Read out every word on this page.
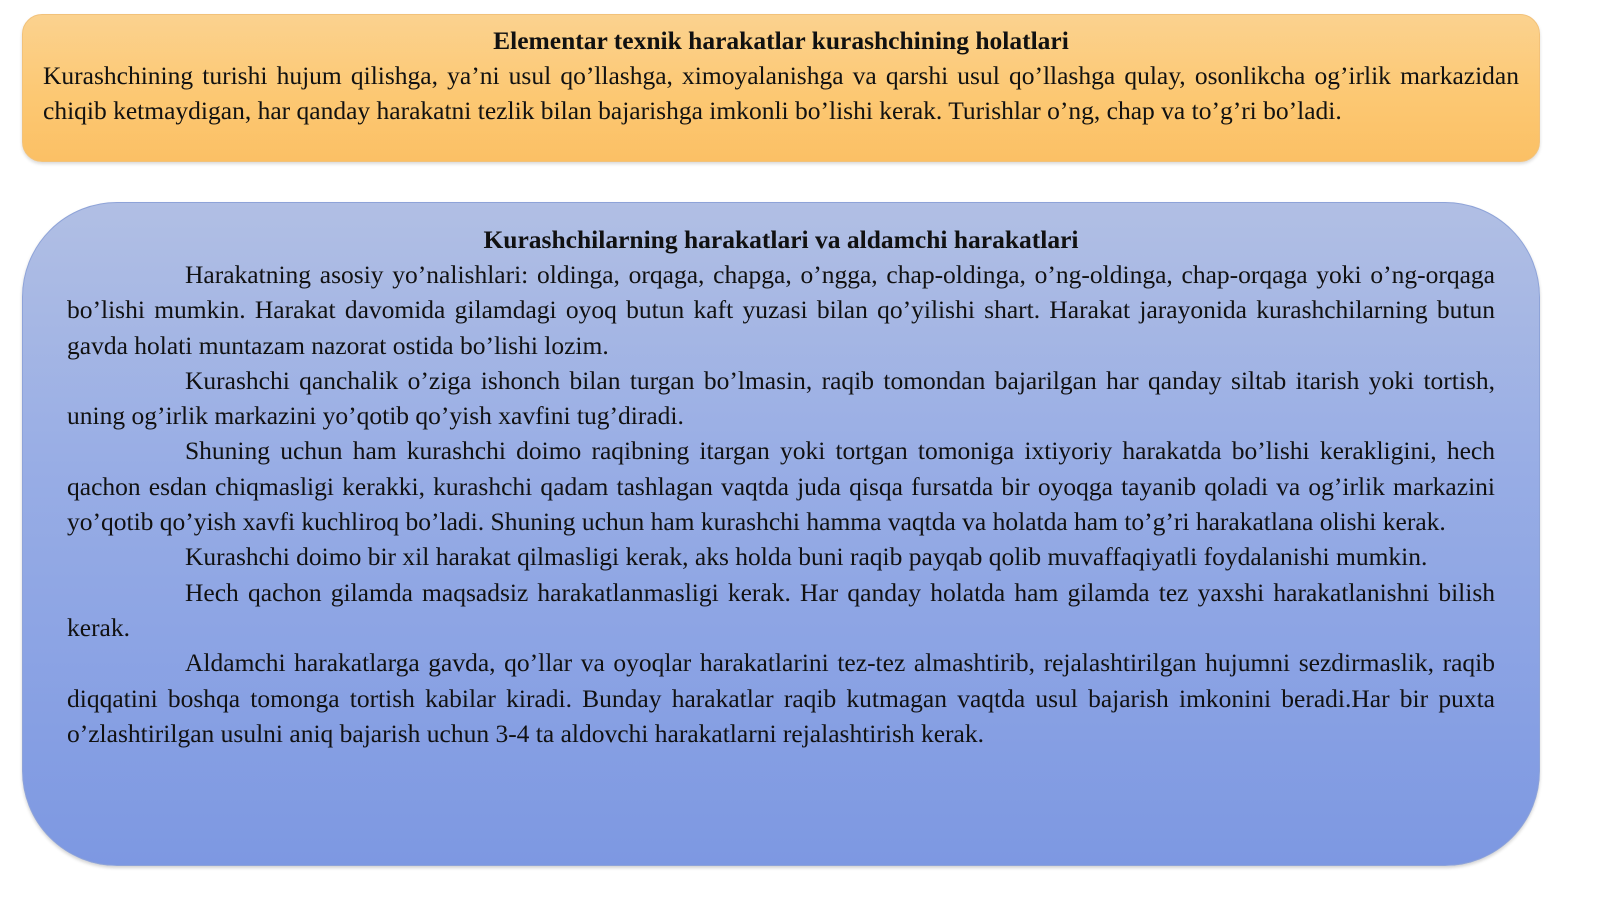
Elementar texnik harakatlar kurashchining holatlari

Kurashchining turishi hujum qilishga, ya’ni usul qo’llashga, ximoyalanishga va qarshi usul qo’llashga qulay, osonlikcha og’irlik markazidan chiqib ketmaydigan, har qanday harakatni tezlik bilan bajarishga imkonli bo’lishi kerak. Turishlar o’ng, chap va to’g’ri bo’ladi.

Kurashchilarning harakatlari va aldamchi harakatlari

Harakatning asosiy yo’nalishlari: oldinga, orqaga, chapga, o’ngga, chap-oldinga, o’ng-oldinga, chap-orqaga yoki o’ng-orqaga bo’lishi mumkin. Harakat davomida gilamdagi oyoq butun kaft yuzasi bilan qo’yilishi shart. Harakat jarayonida kurashchilarning butun gavda holati muntazam nazorat ostida bo’lishi lozim.

Kurashchi qanchalik o’ziga ishonch bilan turgan bo’lmasin, raqib tomondan bajarilgan har qanday siltab itarish yoki tortish, uning og’irlik markazini yo’qotib qo’yish xavfini tug’diradi.

Shuning uchun ham kurashchi doimo raqibning itargan yoki tortgan tomoniga ixtiyoriy harakatda bo’lishi kerakligini, hech qachon esdan chiqmasligi kerakki, kurashchi qadam tashlagan vaqtda juda qisqa fursatda bir oyoqga tayanib qoladi va og’irlik markazini yo’qotib qo’yish xavfi kuchliroq bo’ladi. Shuning uchun ham kurashchi hamma vaqtda va holatda ham to’g’ri harakatlana olishi kerak.

Kurashchi doimo bir xil harakat qilmasligi kerak, aks holda buni raqib payqab qolib muvaffaqiyatli foydalanishi mumkin.

Hech qachon gilamda maqsadsiz harakatlanmasligi kerak. Har qanday holatda ham gilamda tez yaxshi harakatlanishni bilish kerak.

Aldamchi harakatlarga gavda, qo’llar va oyoqlar harakatlarini tez-tez almashtirib, rejalashtirilgan hujumni sezdirmaslik, raqib diqqatini boshqa tomonga tortish kabilar kiradi. Bunday harakatlar raqib kutmagan vaqtda usul bajarish imkonini beradi.Har bir puxta o’zlashtirilgan usulni aniq bajarish uchun 3-4 ta aldovchi harakatlarni rejalashtirish kerak.
